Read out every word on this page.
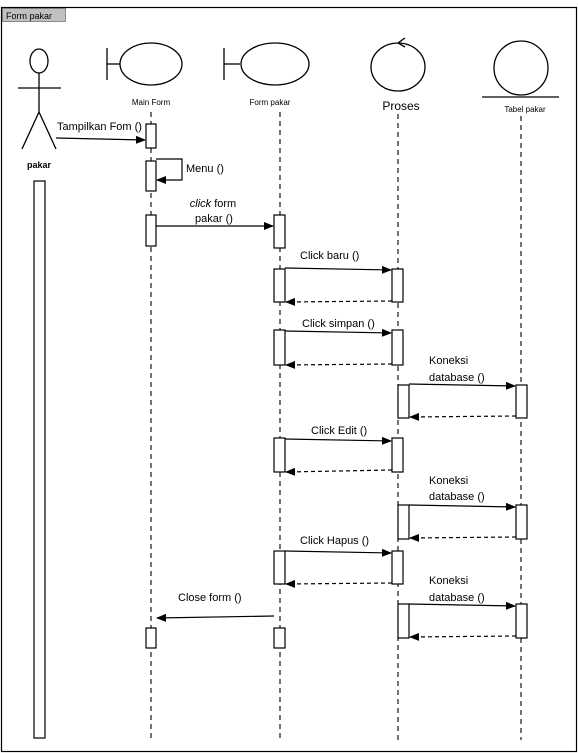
Form pakar
pakar
Main Form	Form pakar	Proses	Tabel pakar
Tampilkan Fom ()
Menu ()
click form
pakar ()
Click baru ()
Click simpan ()
Koneksi
database ()
Click Edit ()
Koneksi
database ()
Click Hapus ()
Koneksi
database ()
Close form ()
